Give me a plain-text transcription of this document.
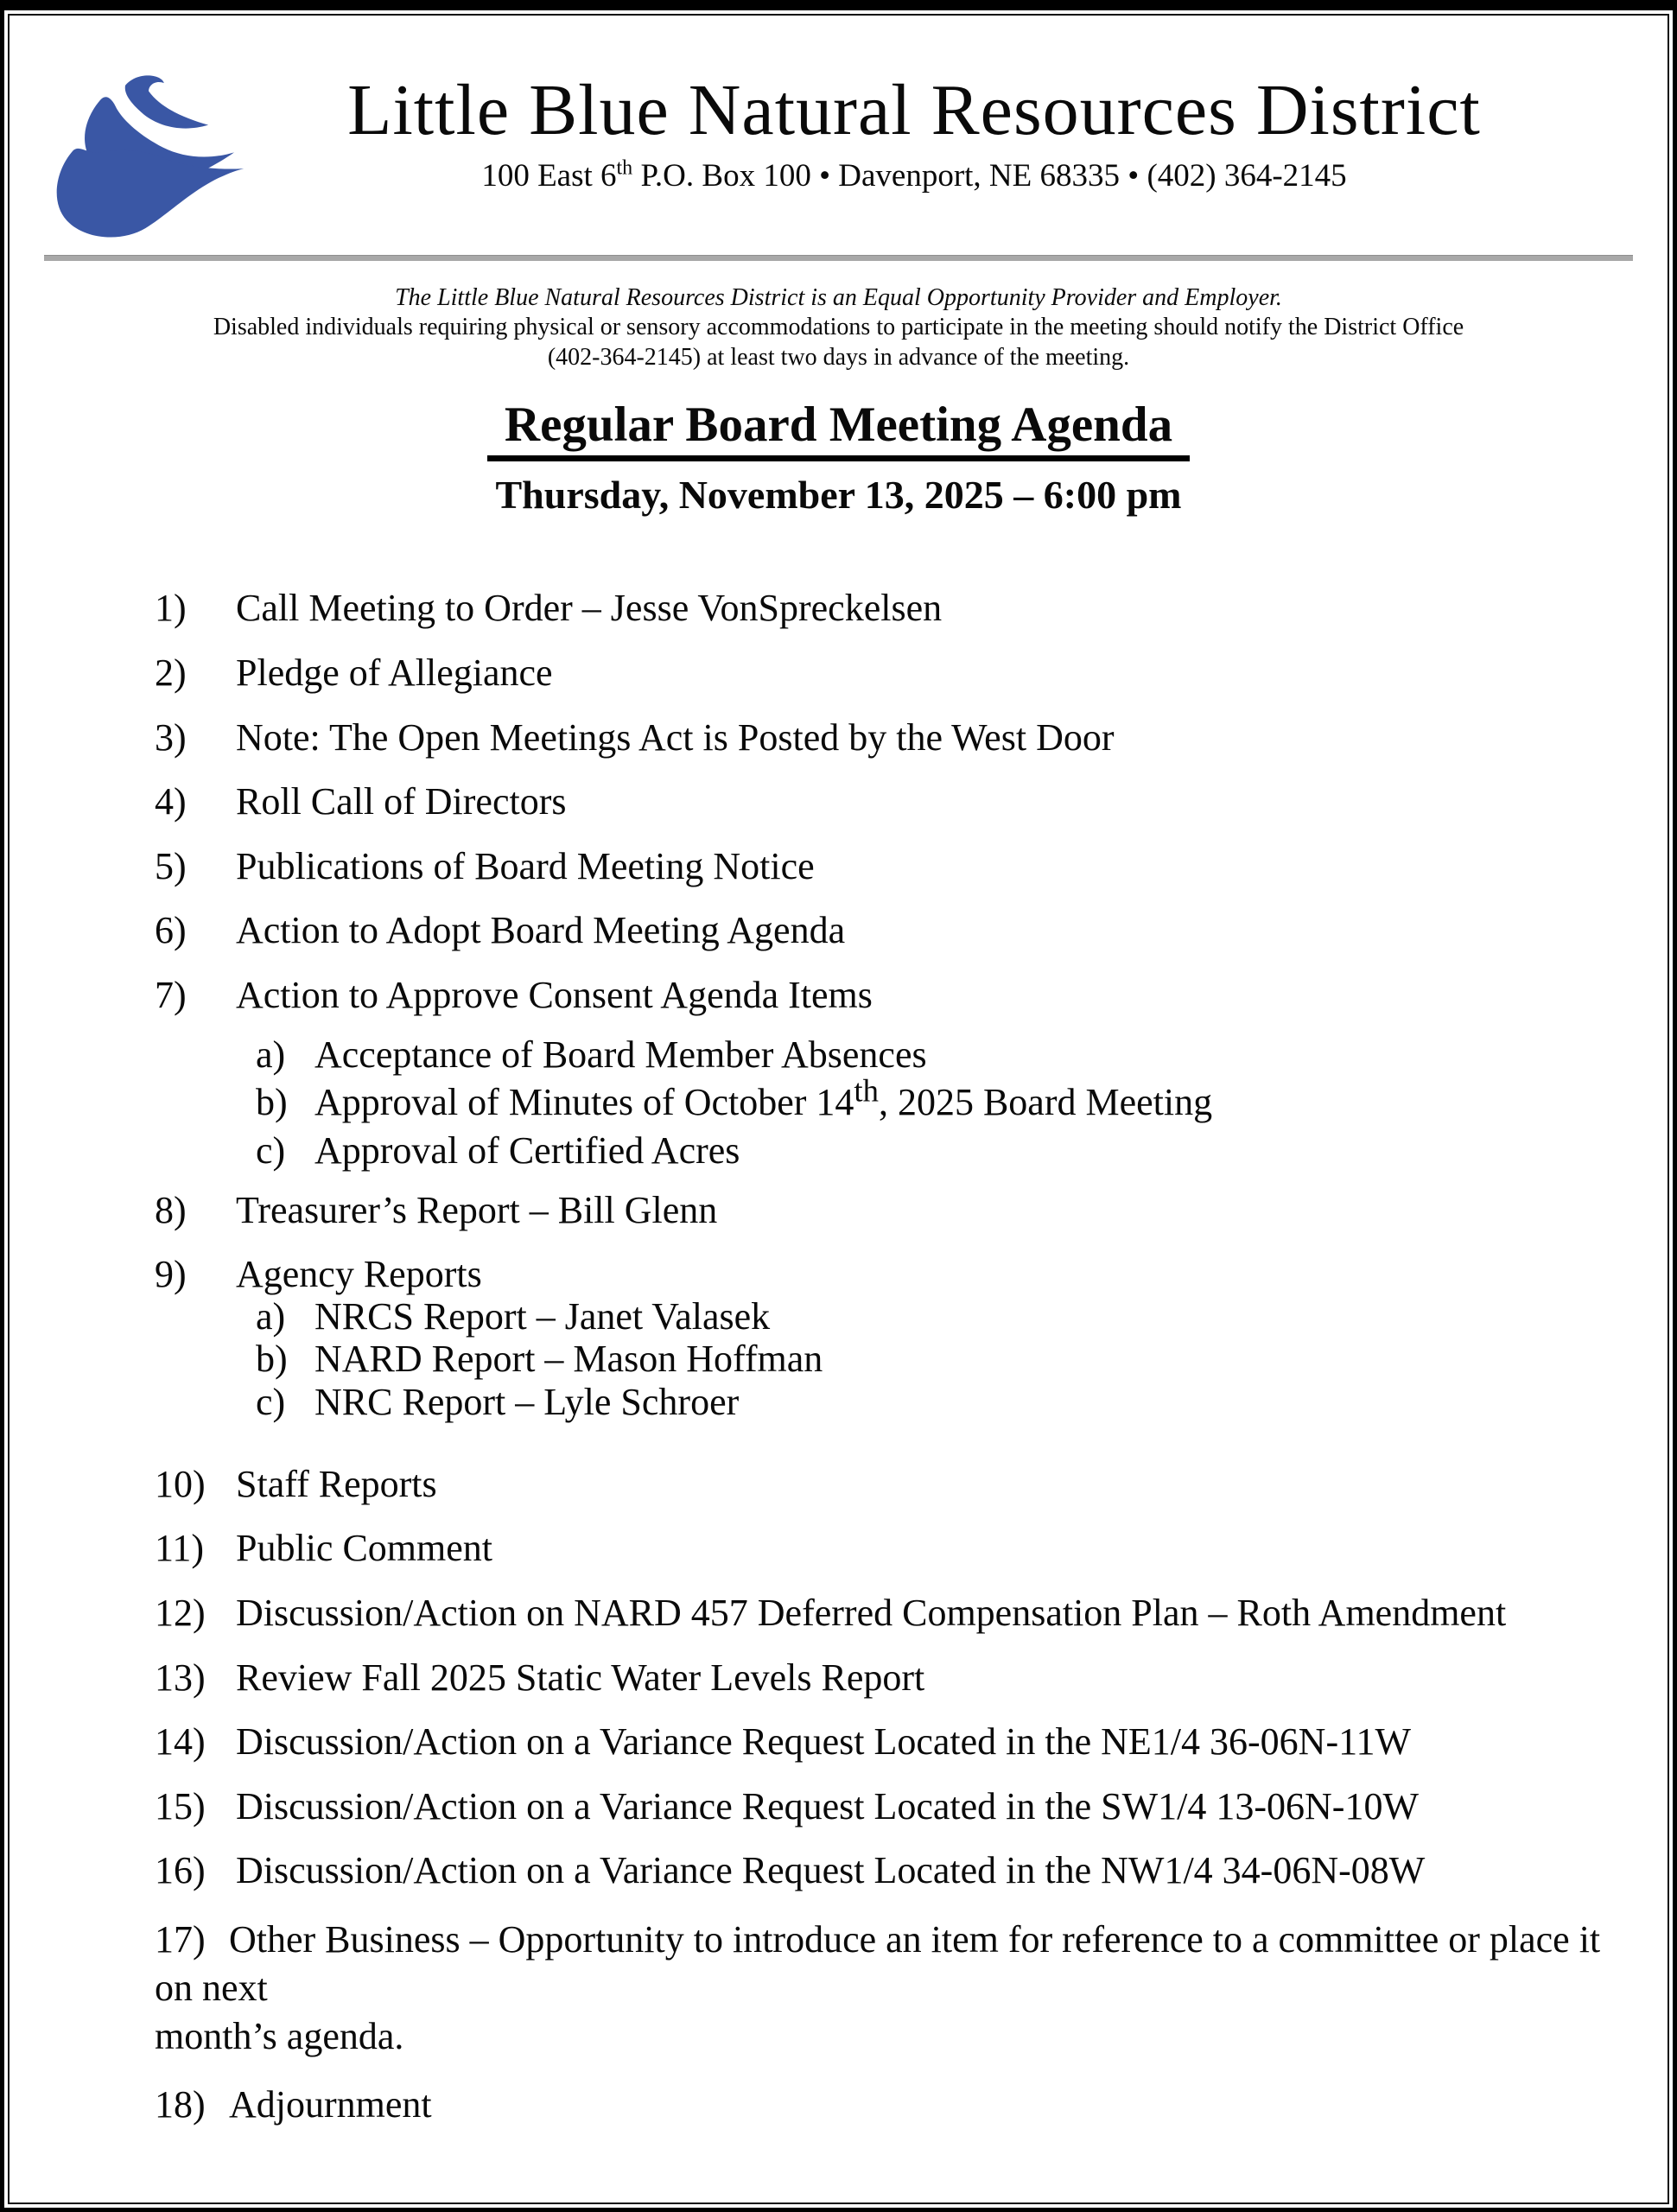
Little Blue Natural Resources District
100 East 6th P.O. Box 100 • Davenport, NE 68335 • (402) 364-2145
The Little Blue Natural Resources District is an Equal Opportunity Provider and Employer.
Disabled individuals requiring physical or sensory accommodations to participate in the meeting should notify the District Office
(402-364-2145) at least two days in advance of the meeting.
Regular Board Meeting Agenda
Thursday, November 13, 2025 – 6:00 pm
1)	Call Meeting to Order – Jesse VonSpreckelsen
2)	Pledge of Allegiance
3)	Note: The Open Meetings Act is Posted by the West Door
4)	Roll Call of Directors
5)	Publications of Board Meeting Notice
6)	Action to Adopt Board Meeting Agenda
7)	Action to Approve Consent Agenda Items
a) Acceptance of Board Member Absences
b) Approval of Minutes of October 14th, 2025 Board Meeting
c) Approval of Certified Acres
8)	Treasurer’s Report – Bill Glenn
9)	Agency Reports
a) NRCS Report – Janet Valasek
b) NARD Report – Mason Hoffman
c) NRC Report – Lyle Schroer
10) Staff Reports
11) Public Comment
12) Discussion/Action on NARD 457 Deferred Compensation Plan – Roth Amendment
13) Review Fall 2025 Static Water Levels Report
14) Discussion/Action on a Variance Request Located in the NE1/4 36-06N-11W
15) Discussion/Action on a Variance Request Located in the SW1/4 13-06N-10W
16) Discussion/Action on a Variance Request Located in the NW1/4 34-06N-08W
17) Other Business – Opportunity to introduce an item for reference to a committee or place it on next
month’s agenda.
18) Adjournment
